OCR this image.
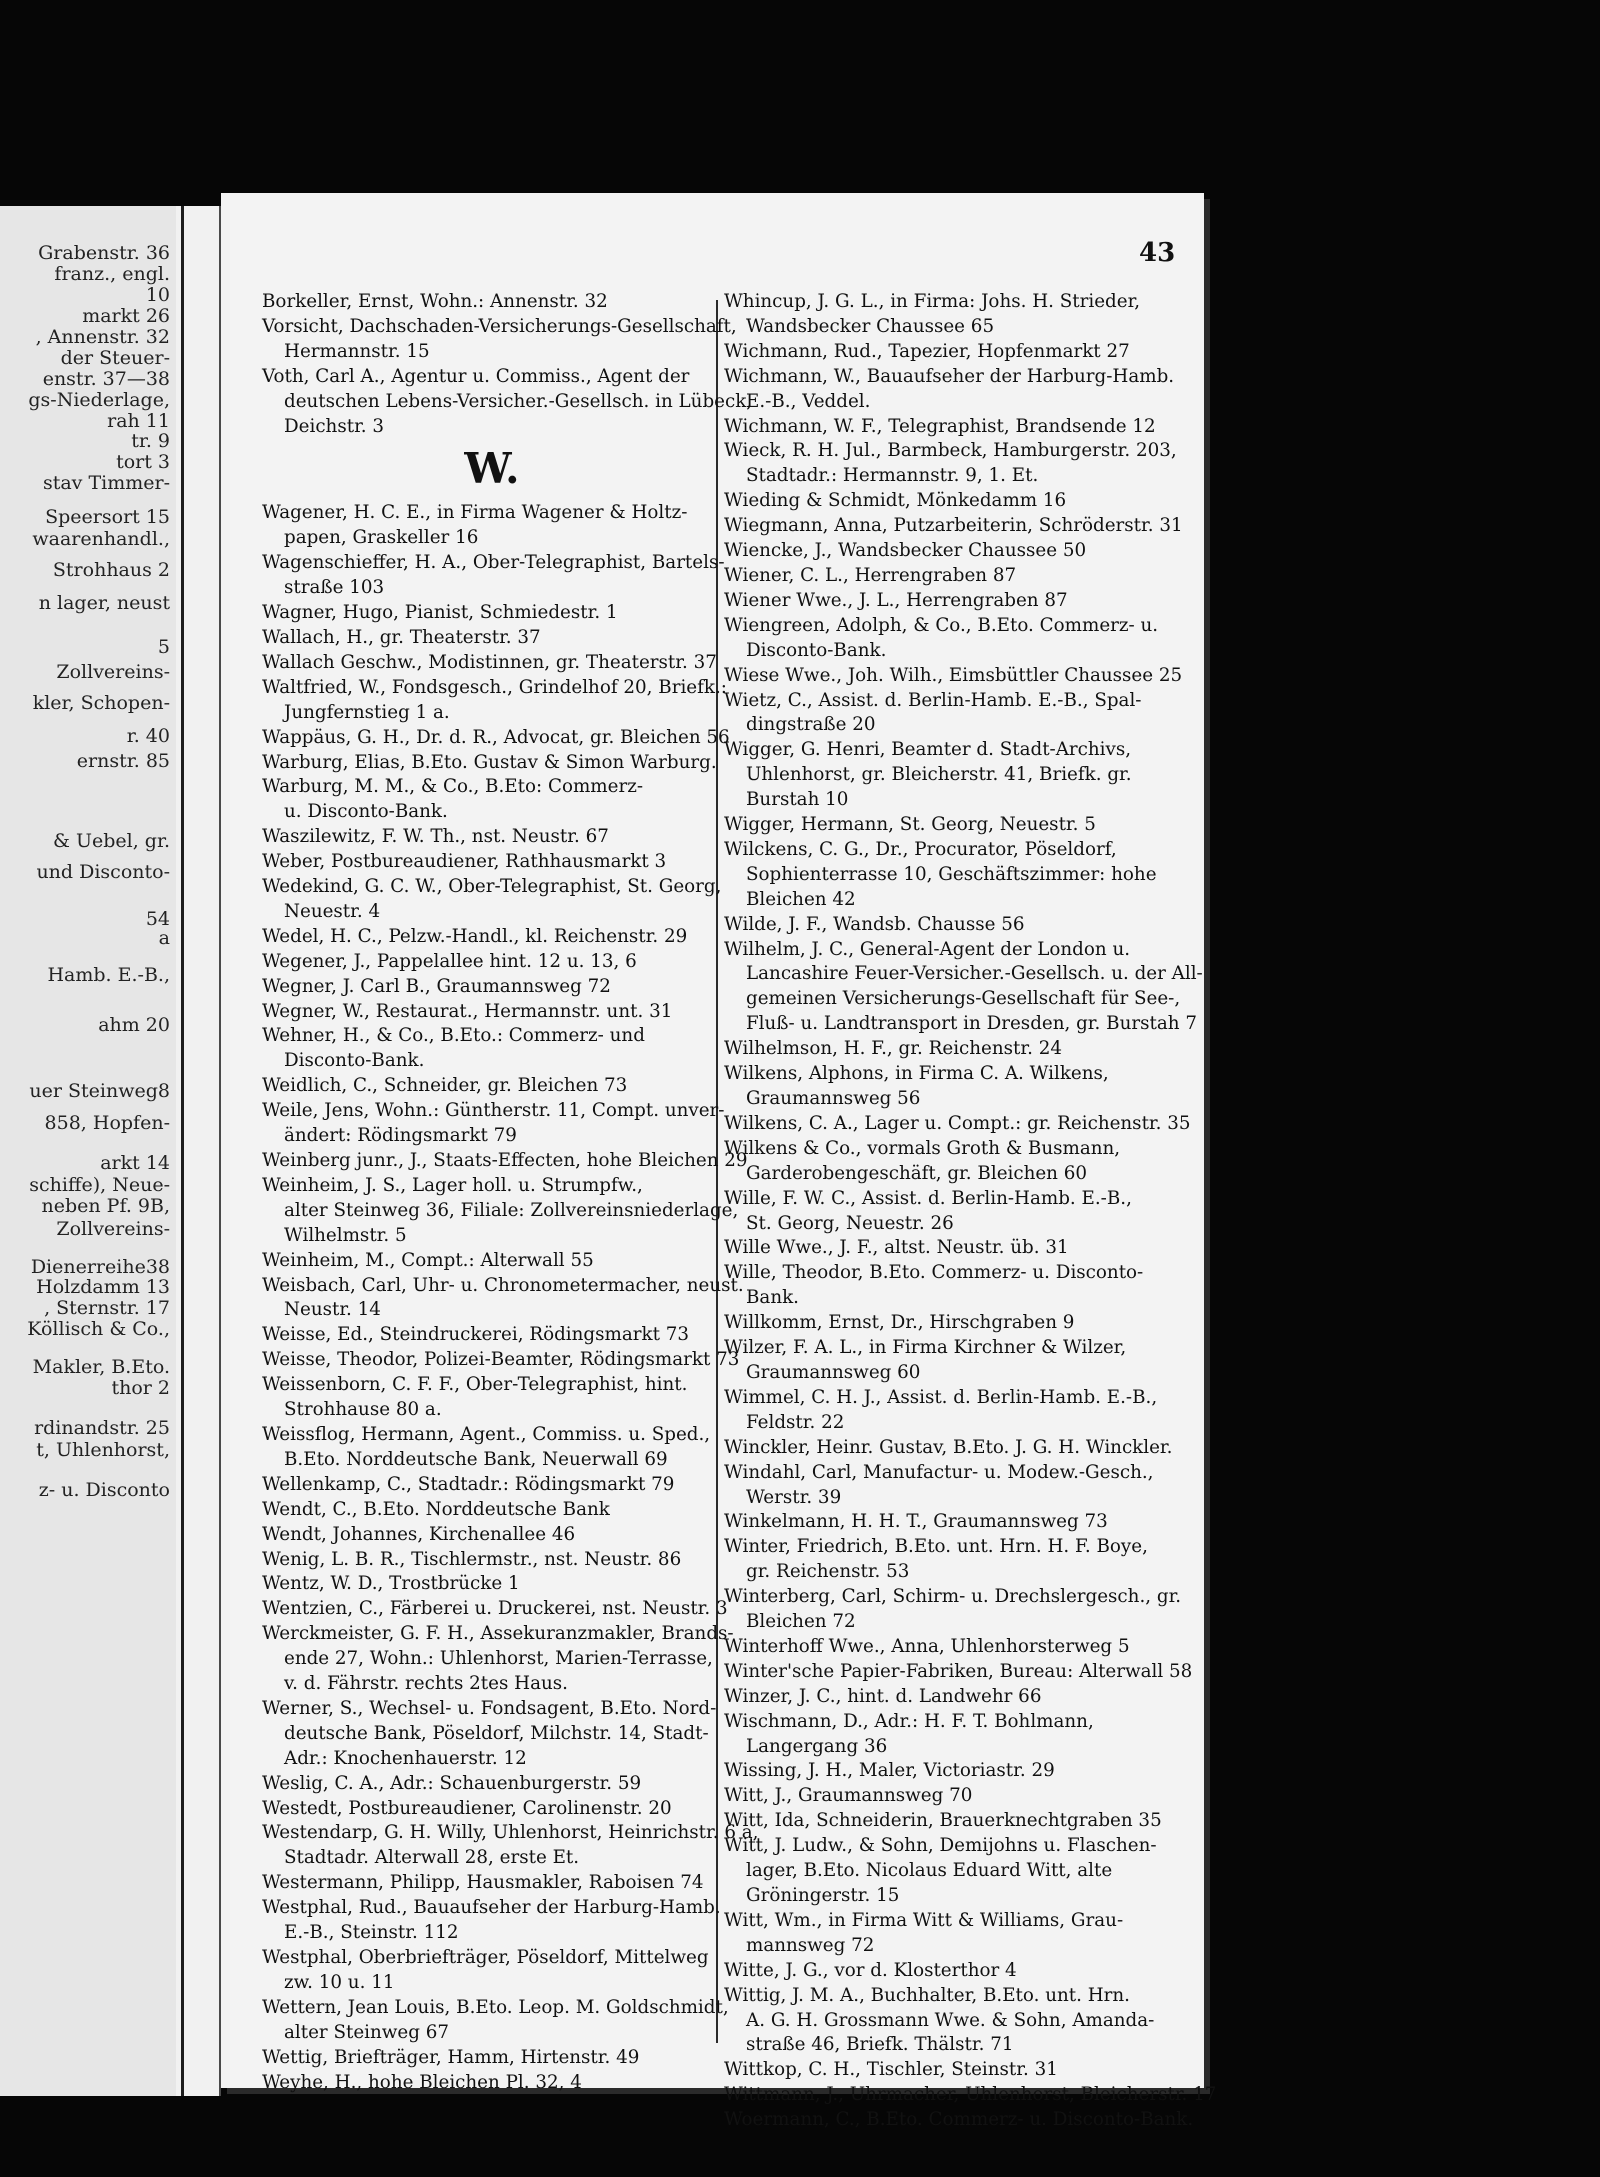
Grabenstr. 36
franz., engl.
10
markt 26
, Annenstr. 32
der Steuer-
enstr. 37—38
gs-Niederlage,
rah 11
tr. 9
tort 3
stav Timmer-
Speersort 15
waarenhandl.,
Strohhaus 2
n lager, neust
5
Zollvereins-
kler, Schopen-
r. 40
ernstr. 85
& Uebel, gr.
und Disconto-
54
a
Hamb. E.-B.,
ahm 20
uer Steinweg8
858, Hopfen-
arkt 14
schiffe), Neue-
neben Pf. 9B,
Zollvereins-
Dienerreihe38
Holzdamm 13
, Sternstr. 17
Köllisch & Co.,
Makler, B.Eto.
thor 2
rdinandstr. 25
t, Uhlenhorst,
z- u. Disconto
43
Borkeller, Ernst, Wohn.: Annenstr. 32
Vorsicht, Dachschaden-Versicherungs-Gesellschaft,
Hermannstr. 15
Voth, Carl A., Agentur u. Commiss., Agent der
deutschen Lebens-Versicher.-Gesellsch. in Lübeck,
Deichstr. 3
W.
Wagener, H. C. E., in Firma Wagener & Holtz-
papen, Graskeller 16
Wagenschieffer, H. A., Ober-Telegraphist, Bartels-
straße 103
Wagner, Hugo, Pianist, Schmiedestr. 1
Wallach, H., gr. Theaterstr. 37
Wallach Geschw., Modistinnen, gr. Theaterstr. 37
Waltfried, W., Fondsgesch., Grindelhof 20, Briefk.:
Jungfernstieg 1 a.
Wappäus, G. H., Dr. d. R., Advocat, gr. Bleichen 56
Warburg, Elias, B.Eto. Gustav & Simon Warburg.
Warburg, M. M., & Co., B.Eto: Commerz-
u. Disconto-Bank.
Waszilewitz, F. W. Th., nst. Neustr. 67
Weber, Postbureaudiener, Rathhausmarkt 3
Wedekind, G. C. W., Ober-Telegraphist, St. Georg,
Neuestr. 4
Wedel, H. C., Pelzw.-Handl., kl. Reichenstr. 29
Wegener, J., Pappelallee hint. 12 u. 13, 6
Wegner, J. Carl B., Graumannsweg 72
Wegner, W., Restaurat., Hermannstr. unt. 31
Wehner, H., & Co., B.Eto.: Commerz- und
Disconto-Bank.
Weidlich, C., Schneider, gr. Bleichen 73
Weile, Jens, Wohn.: Güntherstr. 11, Compt. unver-
ändert: Rödingsmarkt 79
Weinberg junr., J., Staats-Effecten, hohe Bleichen 29
Weinheim, J. S., Lager holl. u. Strumpfw.,
alter Steinweg 36, Filiale: Zollvereinsniederlage,
Wilhelmstr. 5
Weinheim, M., Compt.: Alterwall 55
Weisbach, Carl, Uhr- u. Chronometermacher, neust.
Neustr. 14
Weisse, Ed., Steindruckerei, Rödingsmarkt 73
Weisse, Theodor, Polizei-Beamter, Rödingsmarkt 73
Weissenborn, C. F. F., Ober-Telegraphist, hint.
Strohhause 80 a.
Weissflog, Hermann, Agent., Commiss. u. Sped.,
B.Eto. Norddeutsche Bank, Neuerwall 69
Wellenkamp, C., Stadtadr.: Rödingsmarkt 79
Wendt, C., B.Eto. Norddeutsche Bank
Wendt, Johannes, Kirchenallee 46
Wenig, L. B. R., Tischlermstr., nst. Neustr. 86
Wentz, W. D., Trostbrücke 1
Wentzien, C., Färberei u. Druckerei, nst. Neustr. 3
Werckmeister, G. F. H., Assekuranzmakler, Brands-
ende 27, Wohn.: Uhlenhorst, Marien-Terrasse,
v. d. Fährstr. rechts 2tes Haus.
Werner, S., Wechsel- u. Fondsagent, B.Eto. Nord-
deutsche Bank, Pöseldorf, Milchstr. 14, Stadt-
Adr.: Knochenhauerstr. 12
Weslig, C. A., Adr.: Schauenburgerstr. 59
Westedt, Postbureaudiener, Carolinenstr. 20
Westendarp, G. H. Willy, Uhlenhorst, Heinrichstr. 6 a,
Stadtadr. Alterwall 28, erste Et.
Westermann, Philipp, Hausmakler, Raboisen 74
Westphal, Rud., Bauaufseher der Harburg-Hamb.
E.-B., Steinstr. 112
Westphal, Oberbriefträger, Pöseldorf, Mittelweg
zw. 10 u. 11
Wettern, Jean Louis, B.Eto. Leop. M. Goldschmidt,
alter Steinweg 67
Wettig, Briefträger, Hamm, Hirtenstr. 49
Weyhe, H., hohe Bleichen Pl. 32, 4
Whincup, J. G. L., in Firma: Johs. H. Strieder,
Wandsbecker Chaussee 65
Wichmann, Rud., Tapezier, Hopfenmarkt 27
Wichmann, W., Bauaufseher der Harburg-Hamb.
E.-B., Veddel.
Wichmann, W. F., Telegraphist, Brandsende 12
Wieck, R. H. Jul., Barmbeck, Hamburgerstr. 203,
Stadtadr.: Hermannstr. 9, 1. Et.
Wieding & Schmidt, Mönkedamm 16
Wiegmann, Anna, Putzarbeiterin, Schröderstr. 31
Wiencke, J., Wandsbecker Chaussee 50
Wiener, C. L., Herrengraben 87
Wiener Wwe., J. L., Herrengraben 87
Wiengreen, Adolph, & Co., B.Eto. Commerz- u.
Disconto-Bank.
Wiese Wwe., Joh. Wilh., Eimsbüttler Chaussee 25
Wietz, C., Assist. d. Berlin-Hamb. E.-B., Spal-
dingstraße 20
Wigger, G. Henri, Beamter d. Stadt-Archivs,
Uhlenhorst, gr. Bleicherstr. 41, Briefk. gr.
Burstah 10
Wigger, Hermann, St. Georg, Neuestr. 5
Wilckens, C. G., Dr., Procurator, Pöseldorf,
Sophienterrasse 10, Geschäftszimmer: hohe
Bleichen 42
Wilde, J. F., Wandsb. Chausse 56
Wilhelm, J. C., General-Agent der London u.
Lancashire Feuer-Versicher.-Gesellsch. u. der All-
gemeinen Versicherungs-Gesellschaft für See-,
Fluß- u. Landtransport in Dresden, gr. Burstah 7
Wilhelmson, H. F., gr. Reichenstr. 24
Wilkens, Alphons, in Firma C. A. Wilkens,
Graumannsweg 56
Wilkens, C. A., Lager u. Compt.: gr. Reichenstr. 35
Wilkens & Co., vormals Groth & Busmann,
Garderobengeschäft, gr. Bleichen 60
Wille, F. W. C., Assist. d. Berlin-Hamb. E.-B.,
St. Georg, Neuestr. 26
Wille Wwe., J. F., altst. Neustr. üb. 31
Wille, Theodor, B.Eto. Commerz- u. Disconto-
Bank.
Willkomm, Ernst, Dr., Hirschgraben 9
Wilzer, F. A. L., in Firma Kirchner & Wilzer,
Graumannsweg 60
Wimmel, C. H. J., Assist. d. Berlin-Hamb. E.-B.,
Feldstr. 22
Winckler, Heinr. Gustav, B.Eto. J. G. H. Winckler.
Windahl, Carl, Manufactur- u. Modew.-Gesch.,
Werstr. 39
Winkelmann, H. H. T., Graumannsweg 73
Winter, Friedrich, B.Eto. unt. Hrn. H. F. Boye,
gr. Reichenstr. 53
Winterberg, Carl, Schirm- u. Drechslergesch., gr.
Bleichen 72
Winterhoff Wwe., Anna, Uhlenhorsterweg 5
Winter'sche Papier-Fabriken, Bureau: Alterwall 58
Winzer, J. C., hint. d. Landwehr 66
Wischmann, D., Adr.: H. F. T. Bohlmann,
Langergang 36
Wissing, J. H., Maler, Victoriastr. 29
Witt, J., Graumannsweg 70
Witt, Ida, Schneiderin, Brauerknechtgraben 35
Witt, J. Ludw., & Sohn, Demijohns u. Flaschen-
lager, B.Eto. Nicolaus Eduard Witt, alte
Gröningerstr. 15
Witt, Wm., in Firma Witt & Williams, Grau-
mannsweg 72
Witte, J. G., vor d. Klosterthor 4
Wittig, J. M. A., Buchhalter, B.Eto. unt. Hrn.
A. G. H. Grossmann Wwe. & Sohn, Amanda-
straße 46, Briefk. Thälstr. 71
Wittkop, C. H., Tischler, Steinstr. 31
Wittmann, J., Uhrmacher, Uhlenhorst, Bleicherstr. 17
Woermann, C., B.Eto. Commerz- u. Disconto-Bank.
